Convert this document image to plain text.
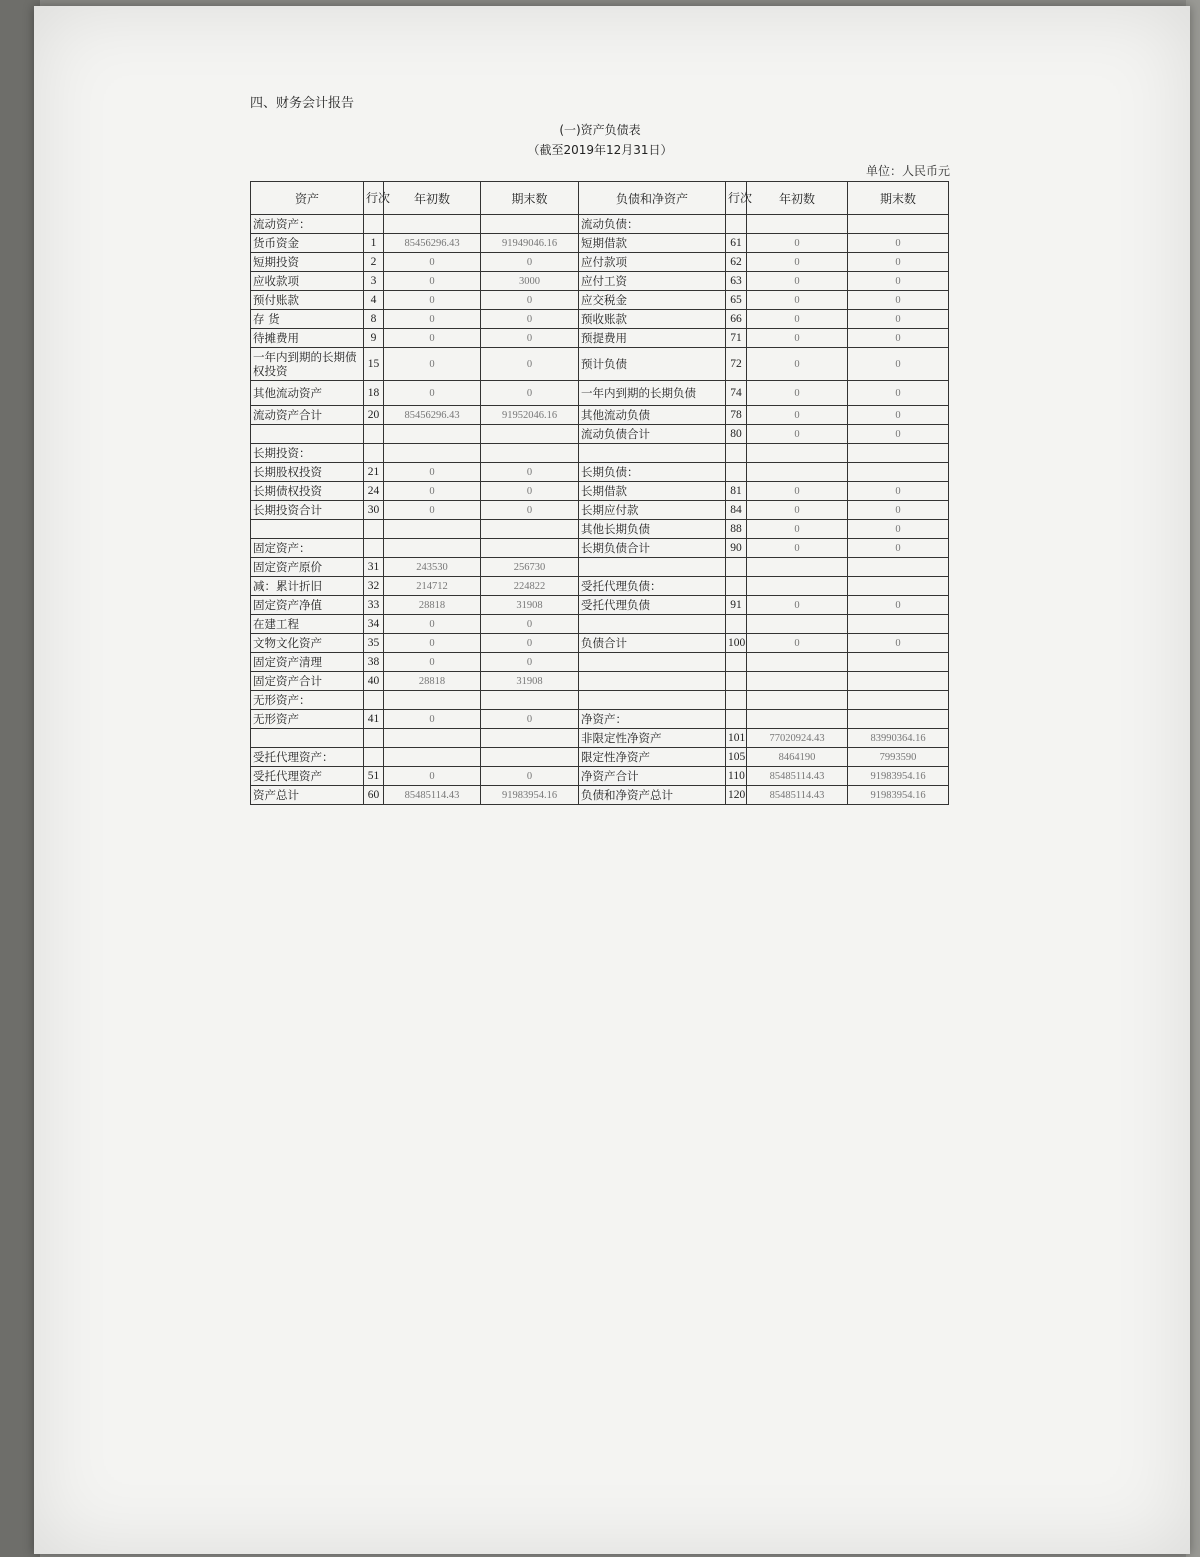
四、财务会计报告
(一)资产负债表
（截至2019年12月31日）
单位：人民币元
资产	行次	年初数	期末数	负债和净资产	行次	年初数	期末数
流动资产：				流动负债：			
货币资金	1	85456296.43	91949046.16	短期借款	61	0	0
短期投资	2	0	0	应付款项	62	0	0
应收款项	3	0	3000	应付工资	63	0	0
预付账款	4	0	0	应交税金	65	0	0
存 货	8	0	0	预收账款	66	0	0
待摊费用	9	0	0	预提费用	71	0	0
一年内到期的长期债权投资	15	0	0	预计负债	72	0	0
其他流动资产	18	0	0	一年内到期的长期负债	74	0	0
流动资产合计	20	85456296.43	91952046.16	其他流动负债	78	0	0
				流动负债合计	80	0	0
长期投资：							
长期股权投资	21	0	0	长期负债：			
长期债权投资	24	0	0	长期借款	81	0	0
长期投资合计	30	0	0	长期应付款	84	0	0
				其他长期负债	88	0	0
固定资产：				长期负债合计	90	0	0
固定资产原价	31	243530	256730				
减：累计折旧	32	214712	224822	受托代理负债：			
固定资产净值	33	28818	31908	受托代理负债	91	0	0
在建工程	34	0	0				
文物文化资产	35	0	0	负债合计	100	0	0
固定资产清理	38	0	0				
固定资产合计	40	28818	31908				
无形资产：							
无形资产	41	0	0	净资产：			
				非限定性净资产	101	77020924.43	83990364.16
受托代理资产：				限定性净资产	105	8464190	7993590
受托代理资产	51	0	0	净资产合计	110	85485114.43	91983954.16
资产总计	60	85485114.43	91983954.16	负债和净资产总计	120	85485114.43	91983954.16
